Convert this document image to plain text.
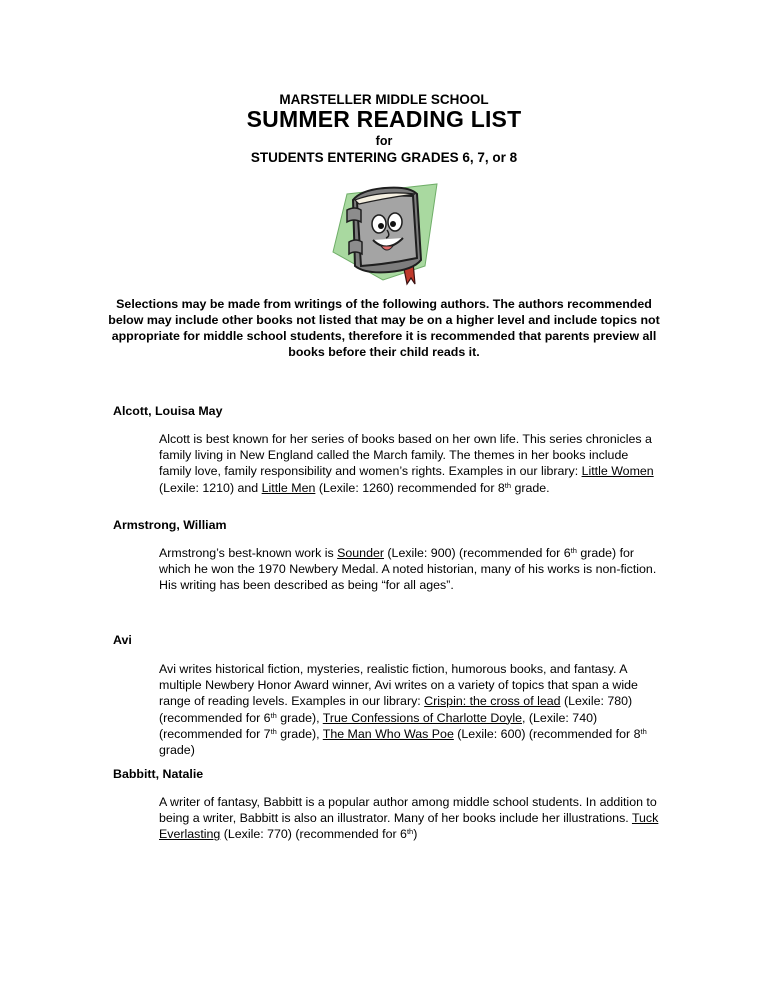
MARSTELLER MIDDLE SCHOOL
SUMMER READING LIST
for
STUDENTS ENTERING GRADES 6, 7, or 8
Selections may be made from writings of the following authors. The authors recommended below may include other books not listed that may be on a higher level and include topics not appropriate for middle school students, therefore it is recommended that parents preview all books before their child reads it.
Alcott, Louisa May
Alcott is best known for her series of books based on her own life. This series chronicles a family living in New England called the March family. The themes in her books include family love, family responsibility and women’s rights. Examples in our library: Little Women (Lexile: 1210) and Little Men (Lexile: 1260) recommended for 8th grade.
Armstrong, William
Armstrong’s best-known work is Sounder (Lexile: 900) (recommended for 6th grade) for which he won the 1970 Newbery Medal. A noted historian, many of his works is non-fiction. His writing has been described as being “for all ages”.
Avi
Avi writes historical fiction, mysteries, realistic fiction, humorous books, and fantasy. A multiple Newbery Honor Award winner, Avi writes on a variety of topics that span a wide range of reading levels. Examples in our library: Crispin: the cross of lead (Lexile: 780) (recommended for 6th grade), True Confessions of Charlotte Doyle, (Lexile: 740) (recommended for 7th grade), The Man Who Was Poe (Lexile: 600) (recommended for 8th grade)
Babbitt, Natalie
A writer of fantasy, Babbitt is a popular author among middle school students. In addition to being a writer, Babbitt is also an illustrator. Many of her books include her illustrations. Tuck Everlasting (Lexile: 770) (recommended for 6th)
